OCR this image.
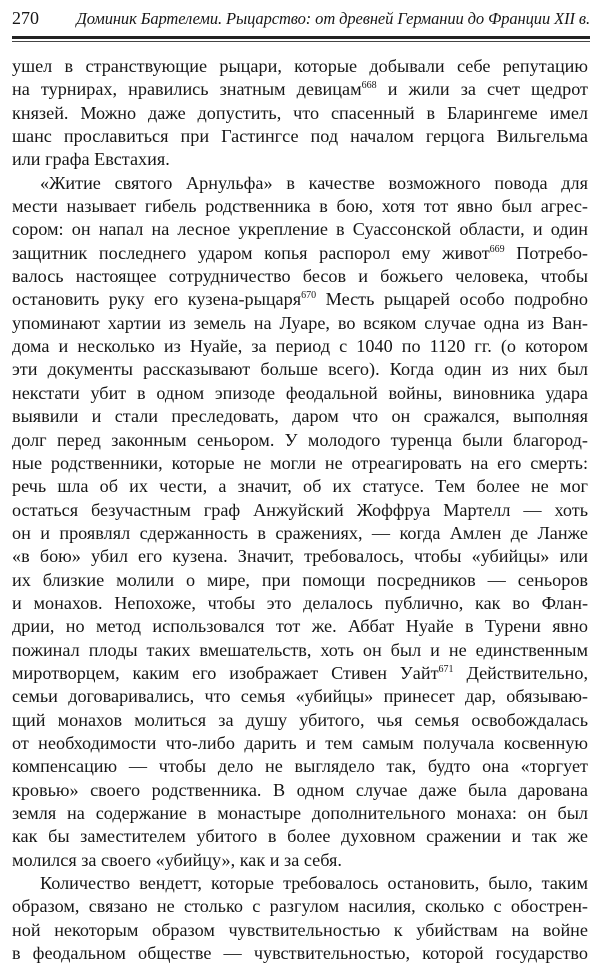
270 Доминик Бартелеми. Рыцарство: от древней Германии до Франции XII в.
ушел в странствующие рыцари, которые добывали себе репутацию
на турнирах, нравились знатным девицам$^{668}$ и жили за счет щедрот
князей. Можно даже допустить, что спасенный в Бларингеме имел
шанс прославиться при Гастингсе под началом герцога Вильгельма
или графа Евстахия.
«Житие святого Арнульфа» в качестве возможного повода для
мести называет гибель родственника в бою, хотя тот явно был агрес-
сором: он напал на лесное укрепление в Суассонской области, и один
защитник последнего ударом копья распорол ему живот$^{669}$ Потребо-
валось настоящее сотрудничество бесов и божьего человека, чтобы
остановить руку его кузена-рыцаря$^{670}$ Месть рыцарей особо подробно
упоминают хартии из земель на Луаре, во всяком случае одна из Ван-
дома и несколько из Нуайе, за период с 1040 по 1120 гг. (о котором
эти документы рассказывают больше всего). Когда один из них был
некстати убит в одном эпизоде феодальной войны, виновника удара
выявили и стали преследовать, даром что он сражался, выполняя
долг перед законным сеньором. У молодого туренца были благород-
ные родственники, которые не могли не отреагировать на его смерть:
речь шла об их чести, а значит, об их статусе. Тем более не мог
остаться безучастным граф Анжуйский Жоффруа Мартелл — хоть
он и проявлял сдержанность в сражениях, — когда Амлен де Ланже
«в бою» убил его кузена. Значит, требовалось, чтобы «убийцы» или
их близкие молили о мире, при помощи посредников — сеньоров
и монахов. Непохоже, чтобы это делалось публично, как во Флан-
дрии, но метод использовался тот же. Аббат Нуайе в Турени явно
пожинал плоды таких вмешательств, хоть он был и не единственным
миротворцем, каким его изображает Стивен Уайт$^{671}$ Действительно,
семьи договаривались, что семья «убийцы» принесет дар, обязываю-
щий монахов молиться за душу убитого, чья семья освобождалась
от необходимости что-либо дарить и тем самым получала косвенную
компенсацию — чтобы дело не выглядело так, будто она «торгует
кровью» своего родственника. В одном случае даже была дарована
земля на содержание в монастыре дополнительного монаха: он был
как бы заместителем убитого в более духовном сражении и так же
молился за своего «убийцу», как и за себя.
Количество вендетт, которые требовалось остановить, было, таким
образом, связано не столько с разгулом насилия, сколько с обострен-
ной некоторым образом чувствительностью к убийствам на войне
в феодальном обществе — чувствительностью, которой государство
